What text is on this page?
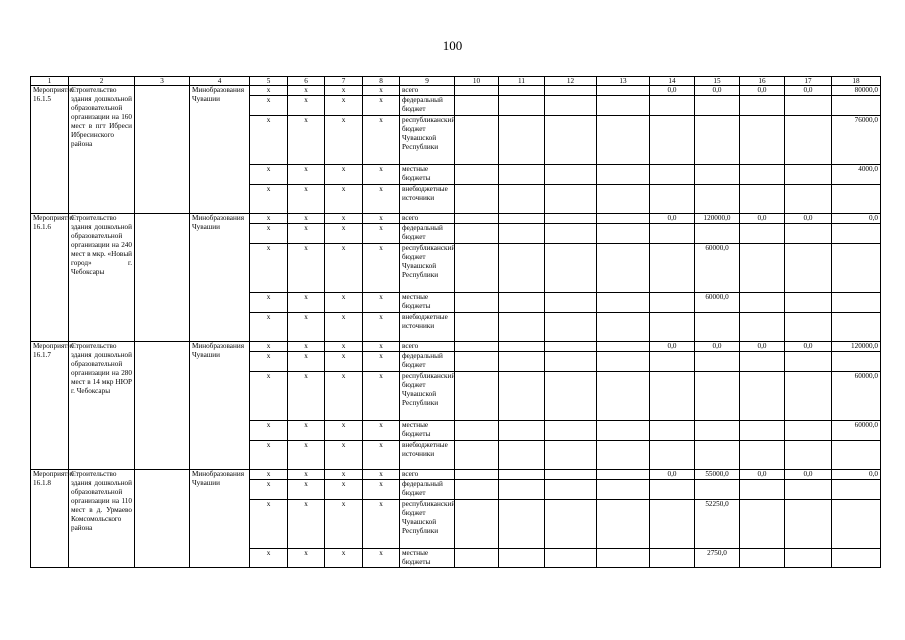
100
1	2	3	4	5	6	7	8	9	10	11	12	13	14	15	16	17	18
Мероприятие 16.1.5	Строительство здания дошкольной образовательной организации на 160 мест в пгт Ибреси Ибресинского района		Минобразования Чувашии	x	x	x	x	всего					0,0	0,0	0,0	0,0	80000,0
				x	x	x	x	федеральный бюджет									
				x	x	x	x	республиканский бюджет Чувашской Республики									76000,0
				x	x	x	x	местные бюджеты									4000,0
				x	x	x	x	внебюджетные источники									
Мероприятие 16.1.6	Строительство здания дошкольной образовательной организации на 240 мест в мкр. «Новый город» г. Чебоксары		Минобразования Чувашии	x	x	x	x	всего					0,0	120000,0	0,0	0,0	0,0
				x	x	x	x	федеральный бюджет									
				x	x	x	x	республиканский бюджет Чувашской Республики						60000,0			
				x	x	x	x	местные бюджеты						60000,0			
				x	x	x	x	внебюджетные источники									
Мероприятие 16.1.7	Строительство здания дошкольной образовательной организации на 280 мест в 14 мкр НЮР г. Чебоксары		Минобразования Чувашии	x	x	x	x	всего					0,0	0,0	0,0	0,0	120000,0
				x	x	x	x	федеральный бюджет									
				x	x	x	x	республиканский бюджет Чувашской Республики									60000,0
				x	x	x	x	местные бюджеты									60000,0
				x	x	x	x	внебюджетные источники									
Мероприятие 16.1.8	Строительство здания дошкольной образовательной организации на 110 мест в д. Урмаево Комсомольского района		Минобразования Чувашии	x	x	x	x	всего					0,0	55000,0	0,0	0,0	0,0
				x	x	x	x	федеральный бюджет									
				x	x	x	x	республиканский бюджет Чувашской Республики						52250,0			
				x	x	x	x	местные бюджеты						2750,0			
